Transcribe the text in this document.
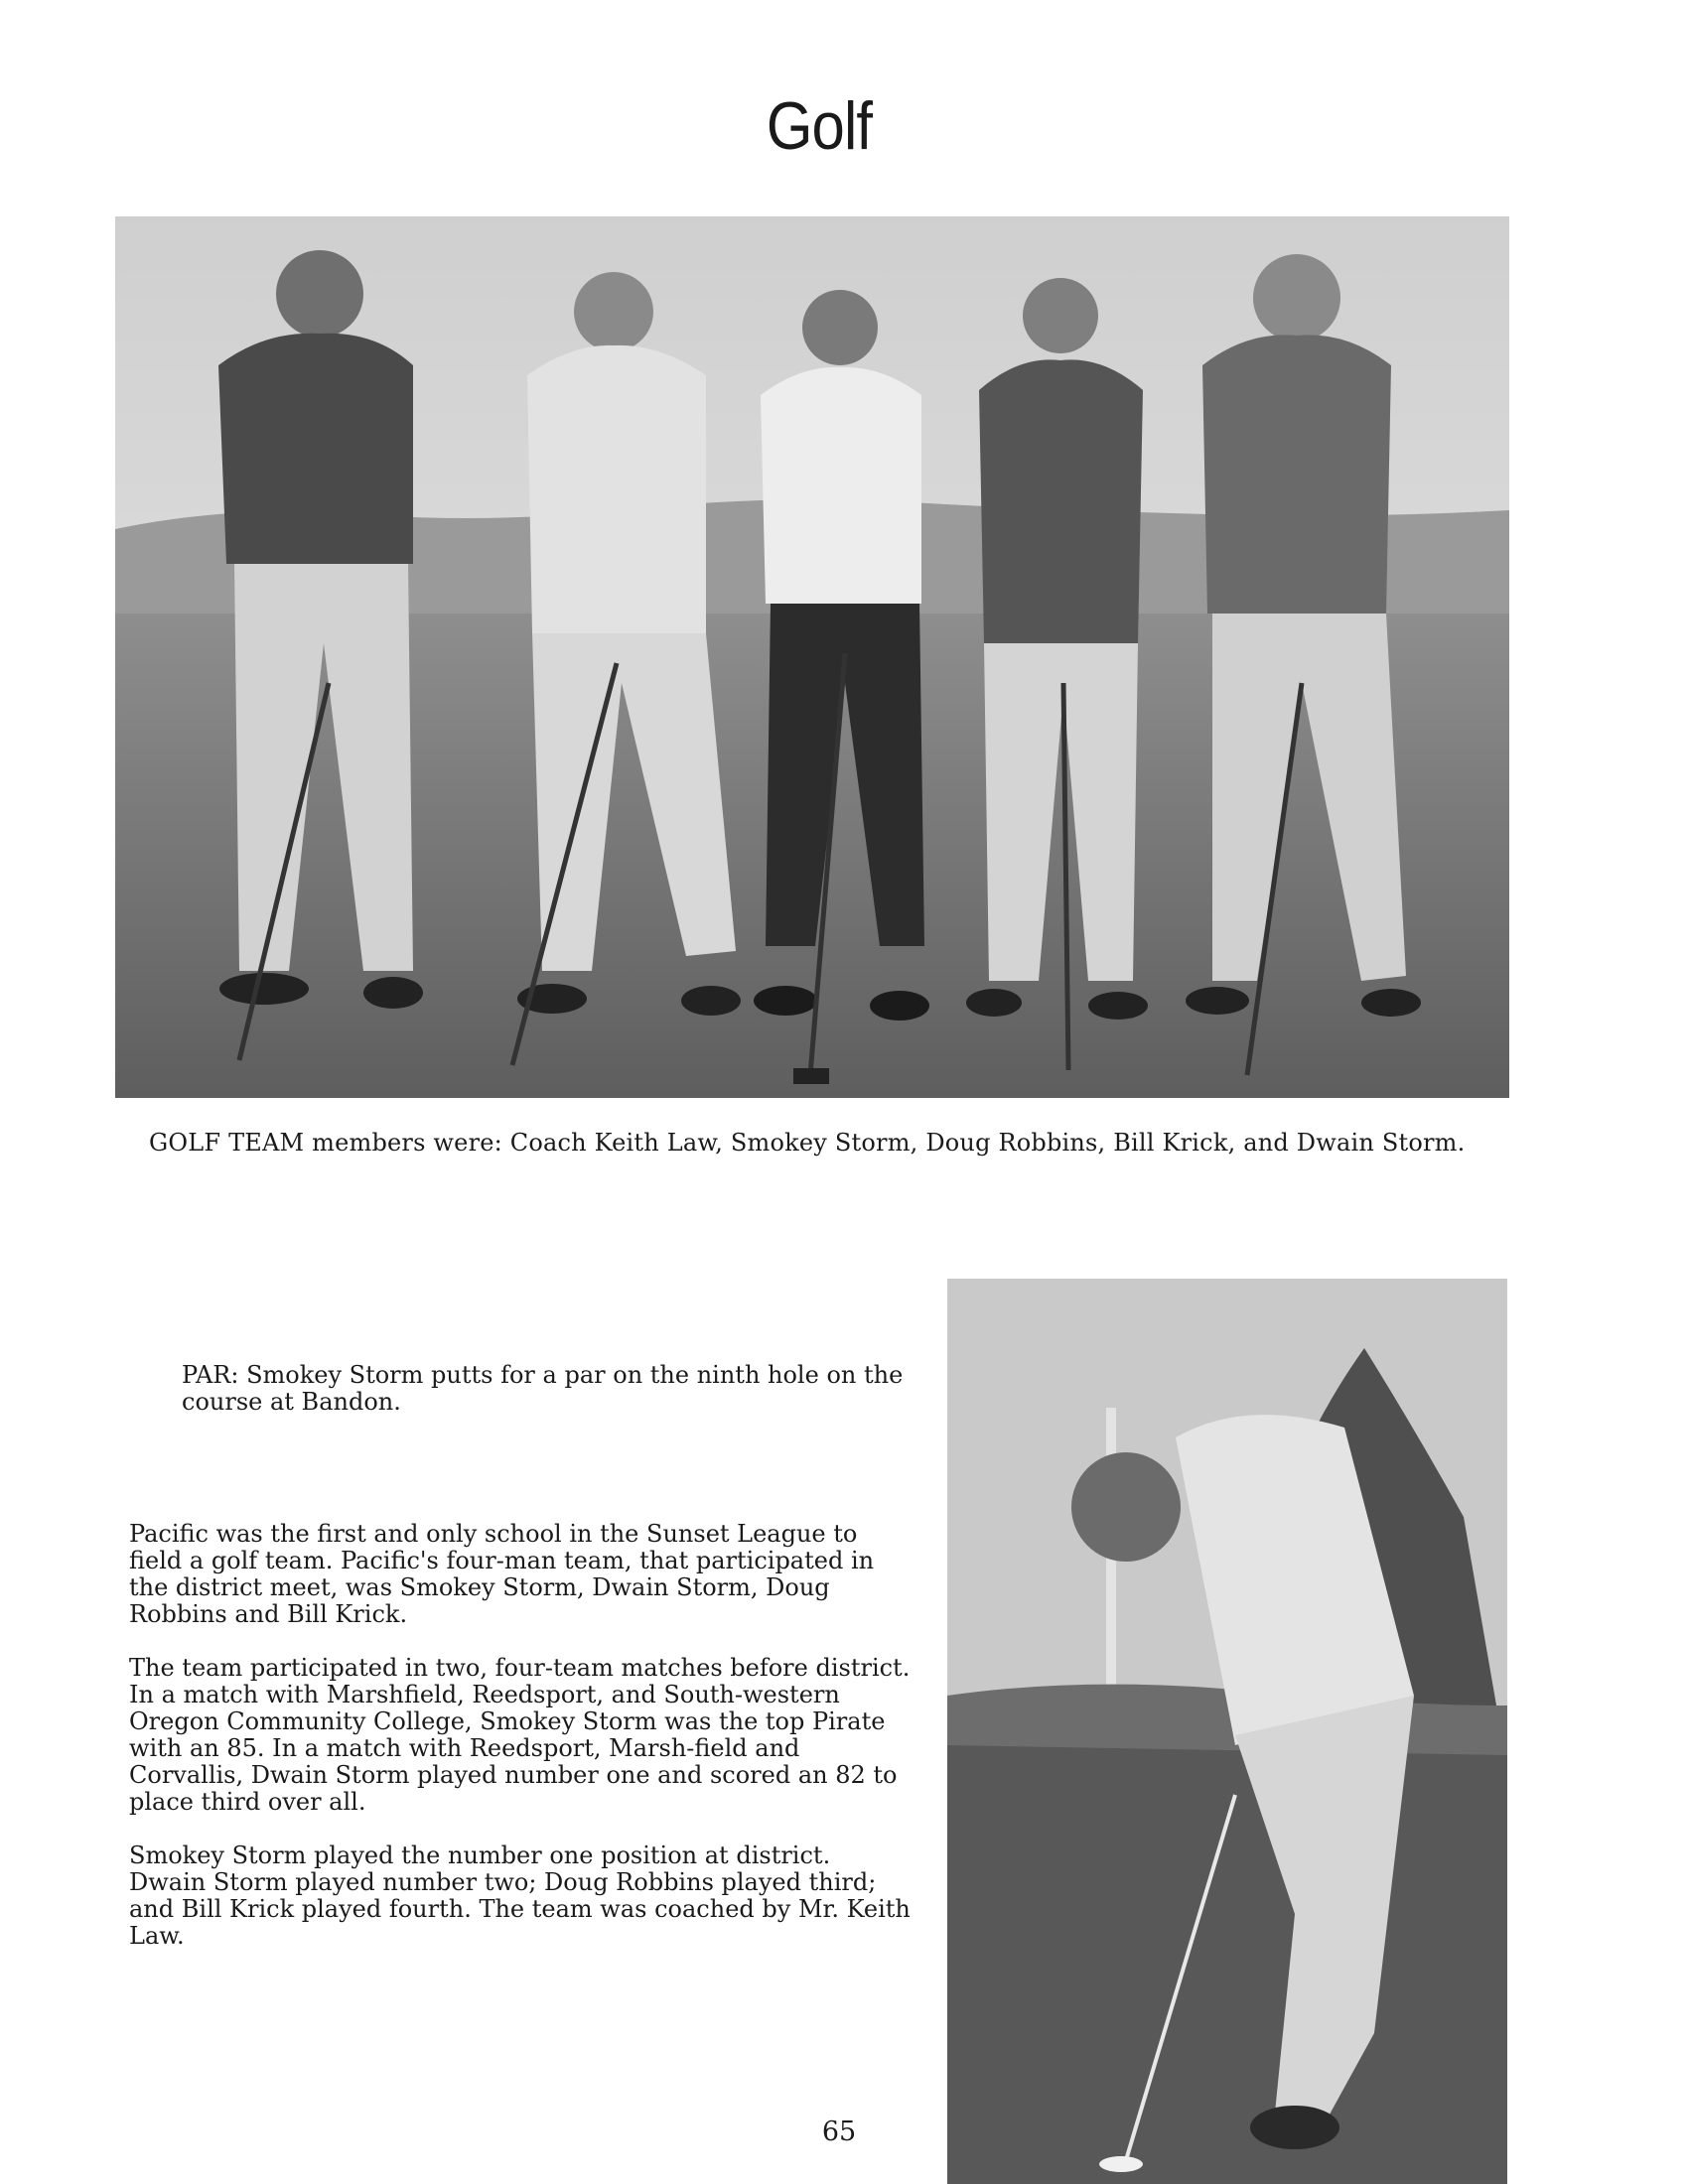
Golf
GOLF TEAM members were: Coach Keith Law, Smokey Storm, Doug Robbins, Bill Krick, and Dwain Storm.
PAR: Smokey Storm putts for a par on the ninth hole on the course at Bandon.

Pacific was the first and only school in the Sunset League to field a golf team. Pacific's four-man team, that participated in the district meet, was Smokey Storm, Dwain Storm, Doug Robbins and Bill Krick.

The team participated in two, four-team matches before district. In a match with Marshfield, Reedsport, and South-western Oregon Community College, Smokey Storm was the top Pirate with an 85. In a match with Reedsport, Marsh-field and Corvallis, Dwain Storm played number one and scored an 82 to place third over all.

Smokey Storm played the number one position at district. Dwain Storm played number two; Doug Robbins played third; and Bill Krick played fourth. The team was coached by Mr. Keith Law.

65
